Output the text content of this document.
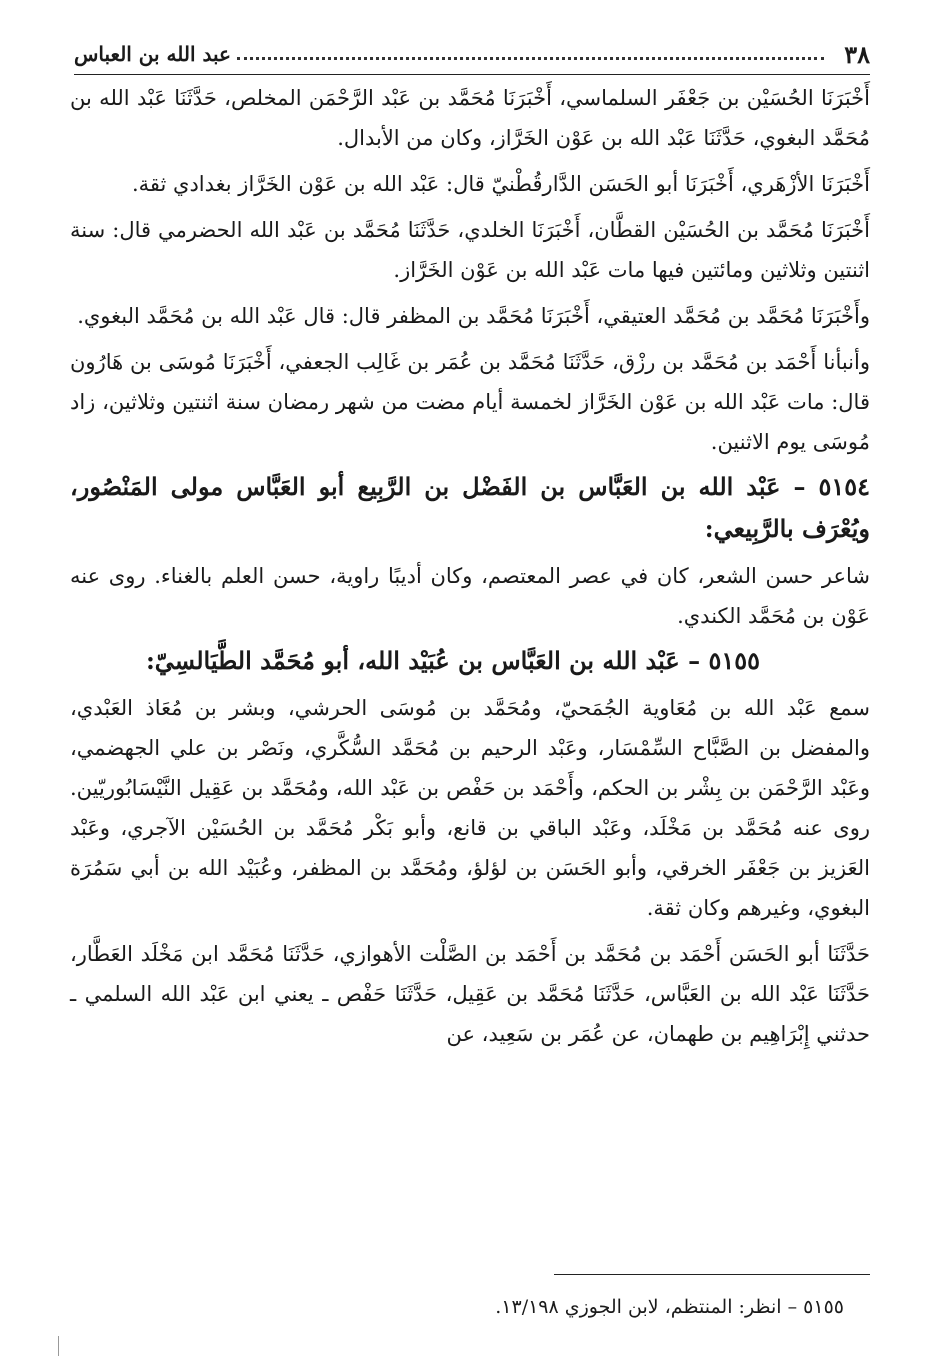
٣٨
عبد الله بن العباس

أَخْبَرَنَا الحُسَيْن بن جَعْفَر السلماسي، أَخْبَرَنَا مُحَمَّد بن عَبْد الرَّحْمَن المخلص، حَدَّثَنَا عَبْد الله بن مُحَمَّد البغوي، حَدَّثَنَا عَبْد الله بن عَوْن الخَرَّاز، وكان من الأبدال.

أَخْبَرَنَا الأزْهَري، أَخْبَرَنَا أبو الحَسَن الدَّارقُطْنيّ قال: عَبْد الله بن عَوْن الخَرَّاز بغدادي ثقة.

أَخْبَرَنَا مُحَمَّد بن الحُسَيْن القطَّان، أَخْبَرَنَا الخلدي، حَدَّثَنَا مُحَمَّد بن عَبْد الله الحضرمي قال: سنة اثنتين وثلاثين ومائتين فيها مات عَبْد الله بن عَوْن الخَرَّاز.

وأَخْبَرَنَا مُحَمَّد بن مُحَمَّد العتيقي، أَخْبَرَنَا مُحَمَّد بن المظفر قال: قال عَبْد الله بن مُحَمَّد البغوي.

وأنبأنا أَحْمَد بن مُحَمَّد بن رزْق، حَدَّثَنَا مُحَمَّد بن عُمَر بن غَالِب الجعفي، أَخْبَرَنَا مُوسَى بن هَارُون قال: مات عَبْد الله بن عَوْن الخَرَّاز لخمسة أيام مضت من شهر رمضان سنة اثنتين وثلاثين، زاد مُوسَى يوم الاثنين.

٥١٥٤ – عَبْد الله بن العَبَّاس بن الفَضْل بن الرَّبِيع أبو العَبَّاس مولى المَنْصُور، ويُعْرَف بالرَّبِيعي:

شاعر حسن الشعر، كان في عصر المعتصم، وكان أديبًا راوية، حسن العلم بالغناء. روى عنه عَوْن بن مُحَمَّد الكندي.

٥١٥٥ – عَبْد الله بن العَبَّاس بن عُبَيْد الله، أبو مُحَمَّد الطَّيَالسِيّ:

سمع عَبْد الله بن مُعَاوية الجُمَحيّ، ومُحَمَّد بن مُوسَى الحرشي، وبشر بن مُعَاذ العَبْدي، والمفضل بن الصَّبَّاح السِّمْسَار، وعَبْد الرحيم بن مُحَمَّد السُّكَّري، ونَصْر بن علي الجهضمي، وعَبْد الرَّحْمَن بن بِشْر بن الحكم، وأَحْمَد بن حَفْص بن عَبْد الله، ومُحَمَّد بن عَقِيل النَّيْسَابُوريّين. روى عنه مُحَمَّد بن مَخْلَد، وعَبْد الباقي بن قانع، وأبو بَكْر مُحَمَّد بن الحُسَيْن الآجري، وعَبْد العَزيز بن جَعْفَر الخرقي، وأبو الحَسَن بن لؤلؤ، ومُحَمَّد بن المظفر، وعُبَيْد الله بن أبي سَمُرَة البغوي، وغيرهم وكان ثقة.

حَدَّثَنَا أبو الحَسَن أَحْمَد بن مُحَمَّد بن أَحْمَد بن الصَّلْت الأهوازي، حَدَّثَنَا مُحَمَّد ابن مَخْلَد العَطَّار، حَدَّثَنَا عَبْد الله بن العَبَّاس، حَدَّثَنَا مُحَمَّد بن عَقِيل، حَدَّثَنَا حَفْص ـ يعني ابن عَبْد الله السلمي ـ حدثني إِبْرَاهِيم بن طهمان، عن عُمَر بن سَعِيد، عن

٥١٥٥ – انظر: المنتظم، لابن الجوزي ١٣/١٩٨.
